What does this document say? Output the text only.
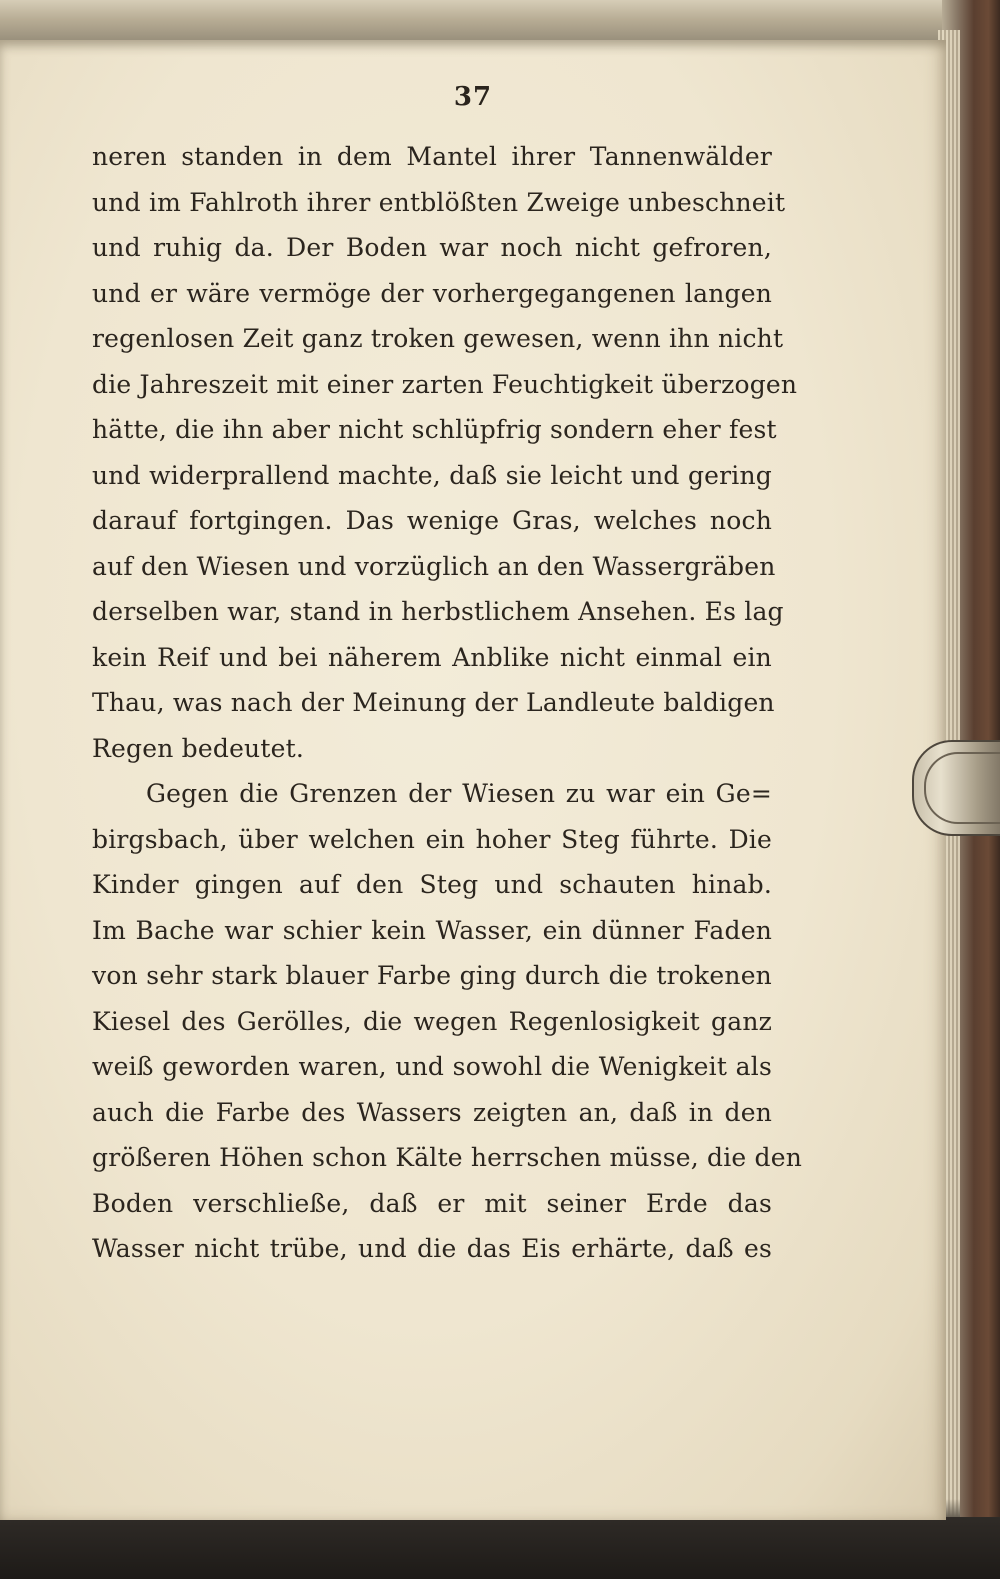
37
neren standen in dem Mantel ihrer Tannenwälder
und im Fahlroth ihrer entblößten Zweige unbeschneit
und ruhig da. Der Boden war noch nicht gefroren,
und er wäre vermöge der vorhergegangenen langen
regenlosen Zeit ganz troken gewesen, wenn ihn nicht
die Jahreszeit mit einer zarten Feuchtigkeit überzogen
hätte, die ihn aber nicht schlüpfrig sondern eher fest
und widerprallend machte, daß sie leicht und gering
darauf fortgingen. Das wenige Gras, welches noch
auf den Wiesen und vorzüglich an den Wassergräben
derselben war, stand in herbstlichem Ansehen. Es lag
kein Reif und bei näherem Anblike nicht einmal ein
Thau, was nach der Meinung der Landleute baldigen
Regen bedeutet.
Gegen die Grenzen der Wiesen zu war ein Ge=
birgsbach, über welchen ein hoher Steg führte. Die
Kinder gingen auf den Steg und schauten hinab.
Im Bache war schier kein Wasser, ein dünner Faden
von sehr stark blauer Farbe ging durch die trokenen
Kiesel des Gerölles, die wegen Regenlosigkeit ganz
weiß geworden waren, und sowohl die Wenigkeit als
auch die Farbe des Wassers zeigten an, daß in den
größeren Höhen schon Kälte herrschen müsse, die den
Boden verschließe, daß er mit seiner Erde das
Wasser nicht trübe, und die das Eis erhärte, daß es
